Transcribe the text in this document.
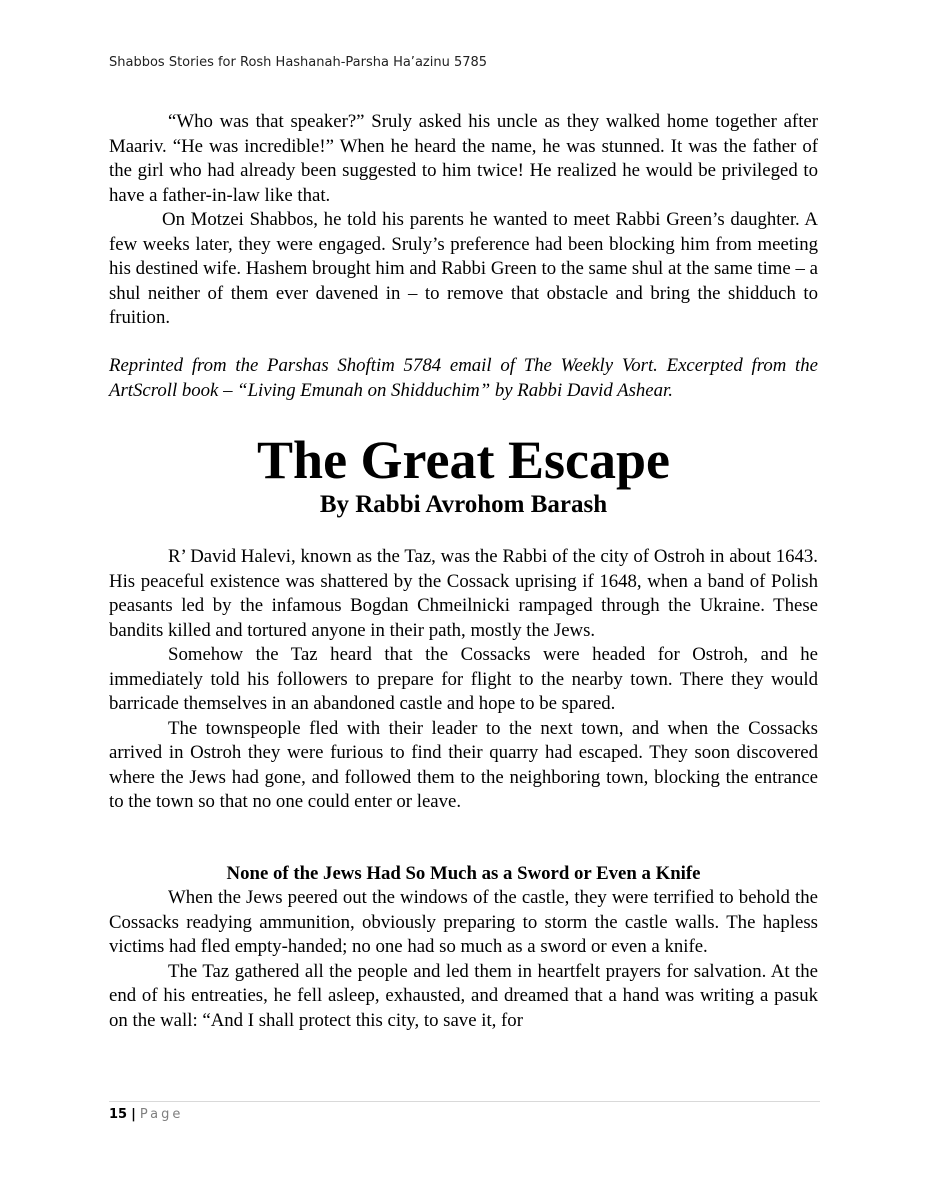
Shabbos Stories for Rosh Hashanah-Parsha Ha’azinu 5785

“Who was that speaker?” Sruly asked his uncle as they walked home together after Maariv. “He was incredible!” When he heard the name, he was stunned. It was the father of the girl who had already been suggested to him twice! He realized he would be privileged to have a father-in-law like that.

On Motzei Shabbos, he told his parents he wanted to meet Rabbi Green’s daughter. A few weeks later, they were engaged. Sruly’s preference had been blocking him from meeting his destined wife. Hashem brought him and Rabbi Green to the same shul at the same time – a shul neither of them ever davened in – to remove that obstacle and bring the shidduch to fruition.

Reprinted from the Parshas Shoftim 5784 email of The Weekly Vort. Excerpted from the ArtScroll book – “Living Emunah on Shidduchim” by Rabbi David Ashear.

The Great Escape
By Rabbi Avrohom Barash

R’ David Halevi, known as the Taz, was the Rabbi of the city of Ostroh in about 1643. His peaceful existence was shattered by the Cossack uprising if 1648, when a band of Polish peasants led by the infamous Bogdan Chmeilnicki rampaged through the Ukraine. These bandits killed and tortured anyone in their path, mostly the Jews.

Somehow the Taz heard that the Cossacks were headed for Ostroh, and he immediately told his followers to prepare for flight to the nearby town. There they would barricade themselves in an abandoned castle and hope to be spared.

The townspeople fled with their leader to the next town, and when the Cossacks arrived in Ostroh they were furious to find their quarry had escaped. They soon discovered where the Jews had gone, and followed them to the neighboring town, blocking the entrance to the town so that no one could enter or leave.

None of the Jews Had So Much as a Sword or Even a Knife

When the Jews peered out the windows of the castle, they were terrified to behold the Cossacks readying ammunition, obviously preparing to storm the castle walls. The hapless victims had fled empty-handed; no one had so much as a sword or even a knife.

The Taz gathered all the people and led them in heartfelt prayers for salvation. At the end of his entreaties, he fell asleep, exhausted, and dreamed that a hand was writing a pasuk on the wall: “And I shall protect this city, to save it, for

15 | Page
